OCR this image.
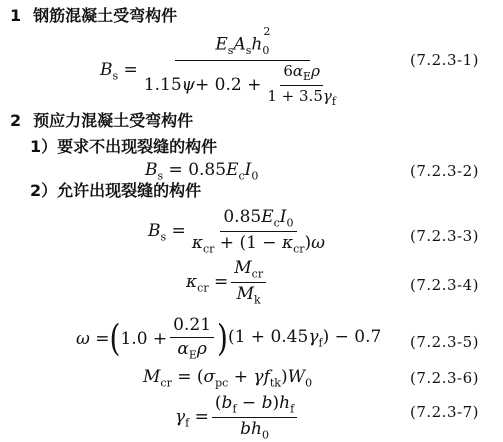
1 钢筋混凝土受弯构件
$B_s = \frac{E_sA_sh_0^2}{1.15 \psi + 0.2 + \frac{6\alpha_E\rho}{1 + 3.5\gamma_f}}$	(7.2.3-1)
2 预应力混凝土受弯构件
1）要求不出现裂缝的构件
$B_s = 0.85E_cI_0$	(7.2.3-2)
2）允许出现裂缝的构件
$B_s = \frac{0.85E_cI_0}{\kappa_{cr} + (1 - \kappa_{cr})\omega}$	(7.2.3-3)
$\kappa_{cr} = \frac{M_{cr}}{M_k}$	(7.2.3-4)
ω = ( $1.0 + \frac{0.21}{\alpha_E\rho}$ ) $(1 + 0.45\gamma_f) - 0.7$ (7.2.3-5)
$M_{cr} = (\sigma_{pc} + \gamma f_{tk})W_0$	(7.2.3-6)
$\gamma_f = \frac{(b_f - b)h_f}{bh_0}$	(7.2.3-7)
